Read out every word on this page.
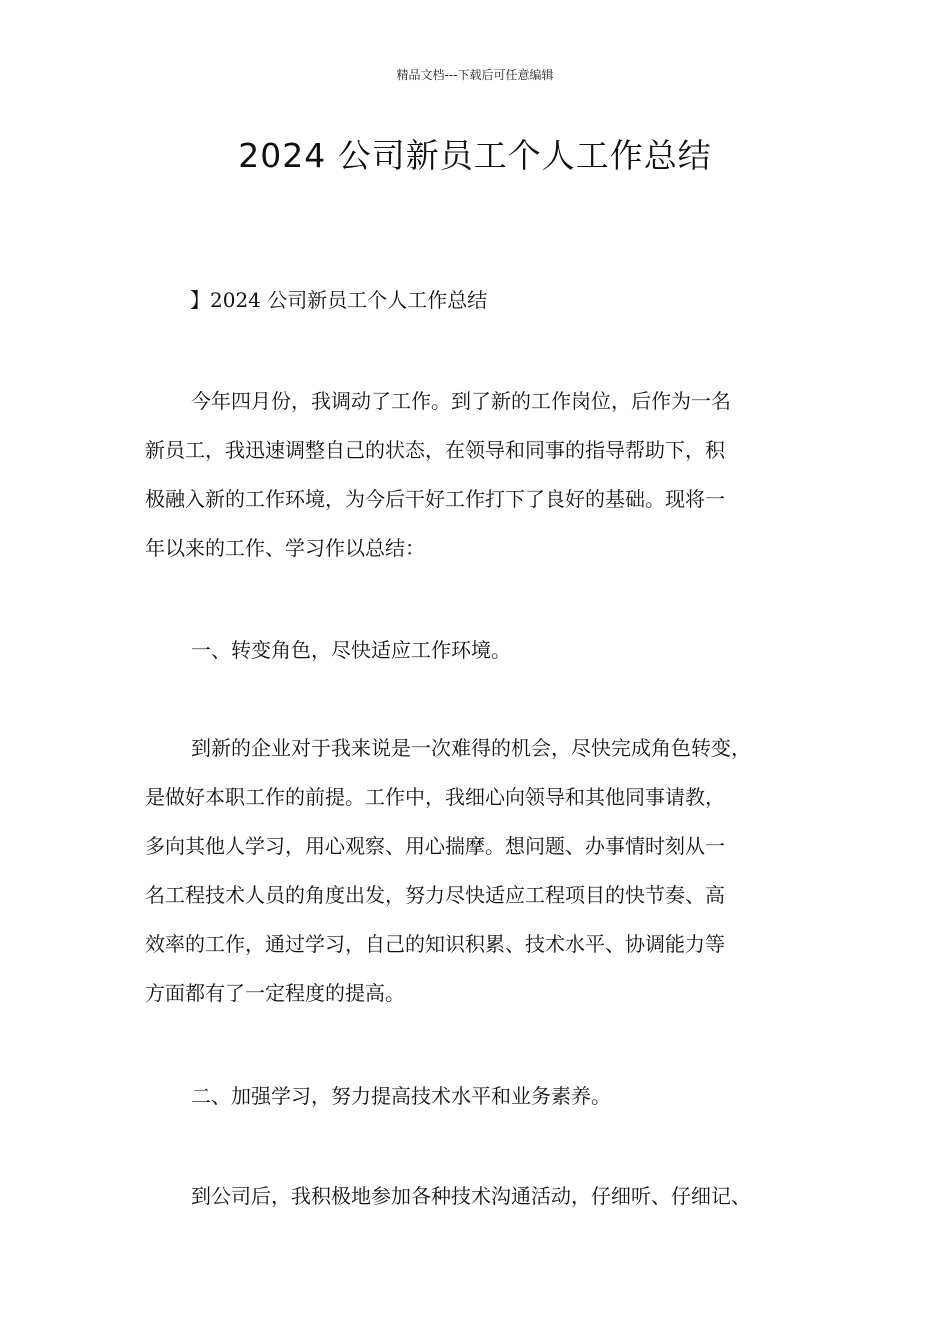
精品文档---下载后可任意编辑
2024 公司新员工个人工作总结
】2024 公司新员工个人工作总结
今年四月份，我调动了工作。到了新的工作岗位，后作为一名
新员工，我迅速调整自己的状态，在领导和同事的指导帮助下，积
极融入新的工作环境，为今后干好工作打下了良好的基础。现将一
年以来的工作、学习作以总结：
一、转变角色，尽快适应工作环境。
到新的企业对于我来说是一次难得的机会，尽快完成角色转变，
是做好本职工作的前提。工作中，我细心向领导和其他同事请教，
多向其他人学习，用心观察、用心揣摩。想问题、办事情时刻从一
名工程技术人员的角度出发，努力尽快适应工程项目的快节奏、高
效率的工作，通过学习，自己的知识积累、技术水平、协调能力等
方面都有了一定程度的提高。
二、加强学习，努力提高技术水平和业务素养。
到公司后，我积极地参加各种技术沟通活动，仔细听、仔细记、
